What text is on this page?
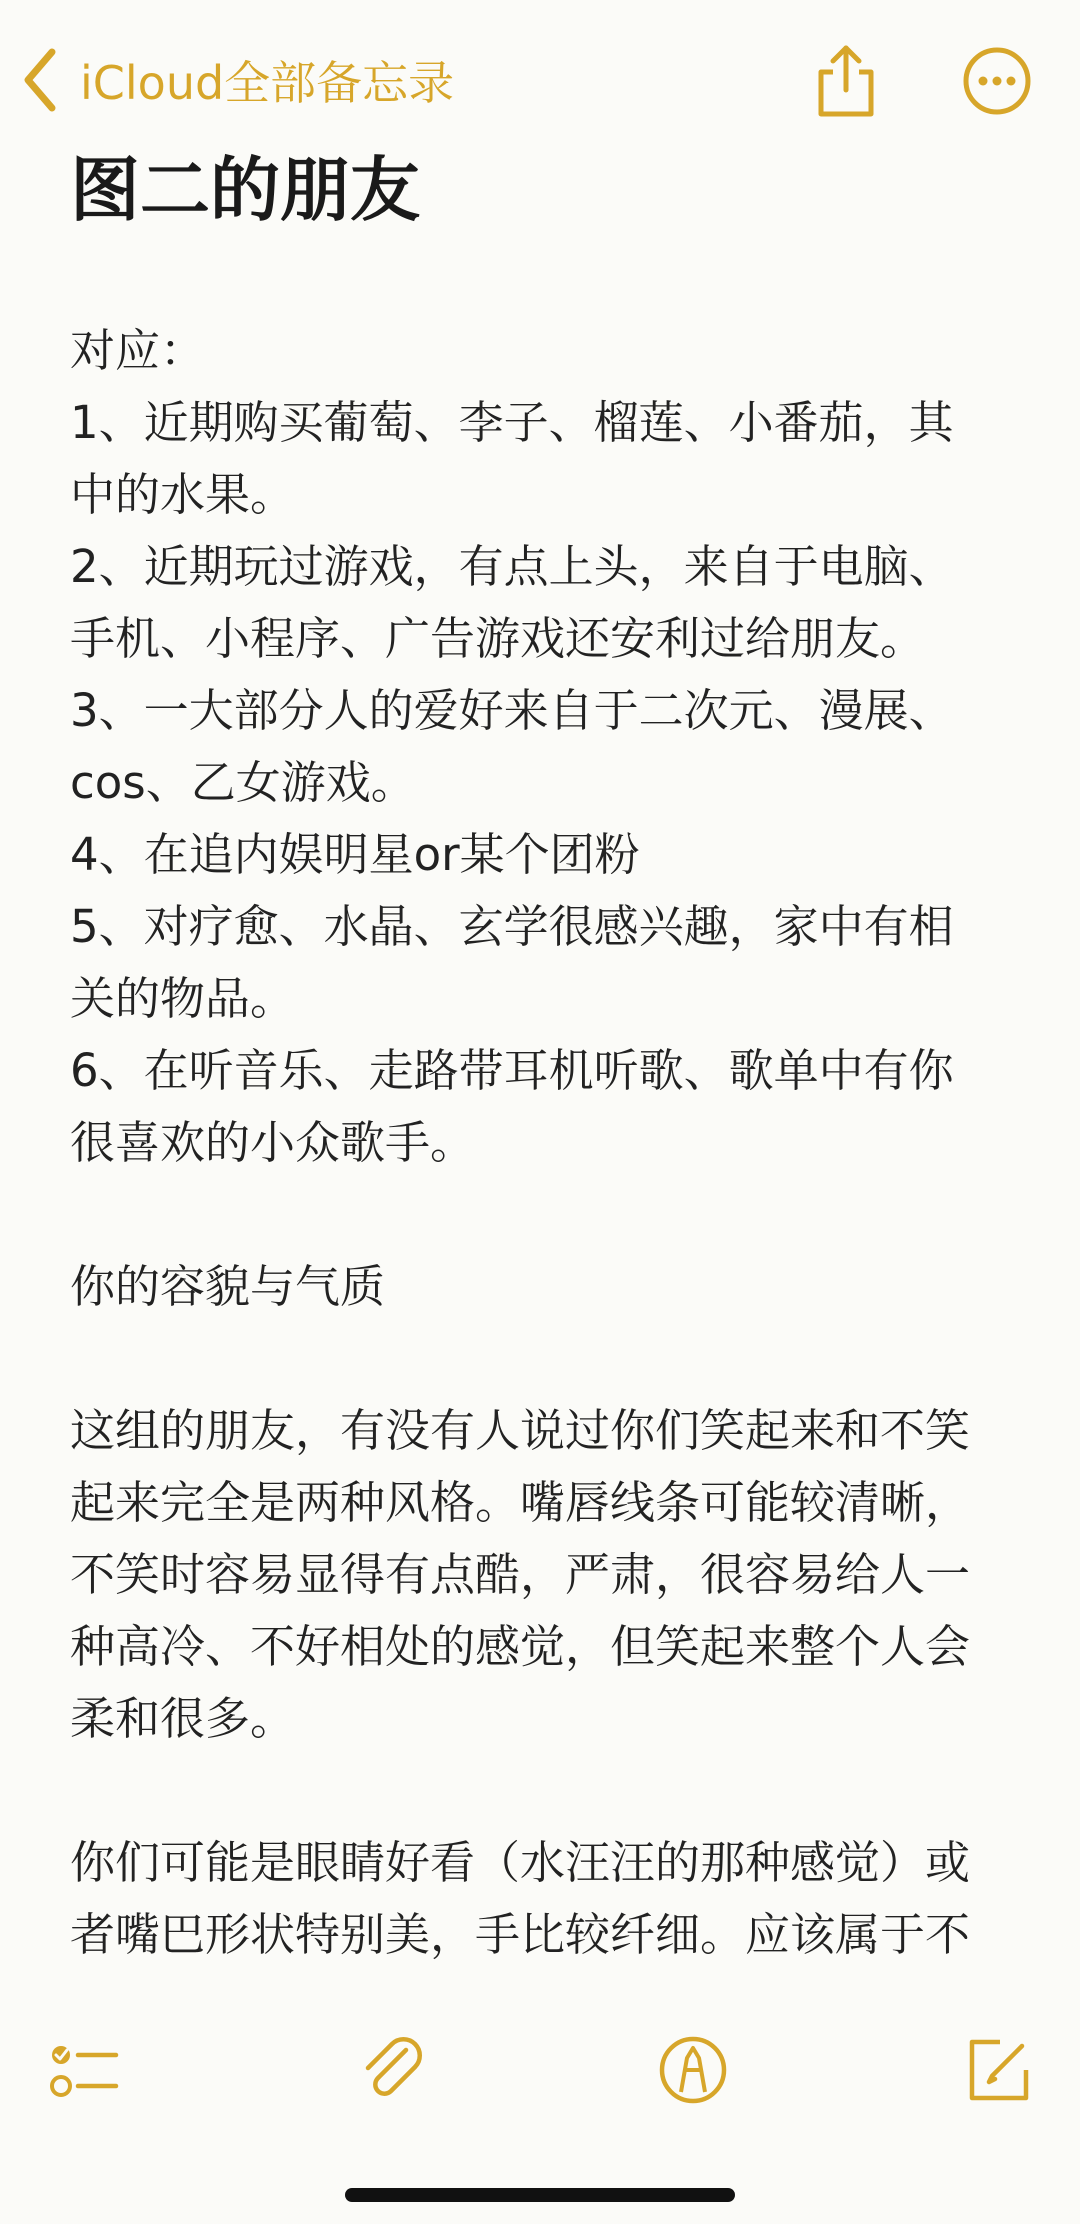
iCloud全部备忘录
图二的朋友
对应：
1、近期购买葡萄、李子、榴莲、小番茄，其
中的水果。
2、近期玩过游戏，有点上头，来自于电脑、
手机、小程序、广告游戏还安利过给朋友。
3、一大部分人的爱好来自于二次元、漫展、
cos、乙女游戏。
4、在追内娱明星or某个团粉
5、对疗愈、水晶、玄学很感兴趣，家中有相
关的物品。
6、在听音乐、走路带耳机听歌、歌单中有你
很喜欢的小众歌手。
你的容貌与气质
这组的朋友，有没有人说过你们笑起来和不笑
起来完全是两种风格。嘴唇线条可能较清晰，
不笑时容易显得有点酷，严肃，很容易给人一
种高冷、不好相处的感觉，但笑起来整个人会
柔和很多。
你们可能是眼睛好看（水汪汪的那种感觉）或
者嘴巴形状特别美，手比较纤细。应该属于不
